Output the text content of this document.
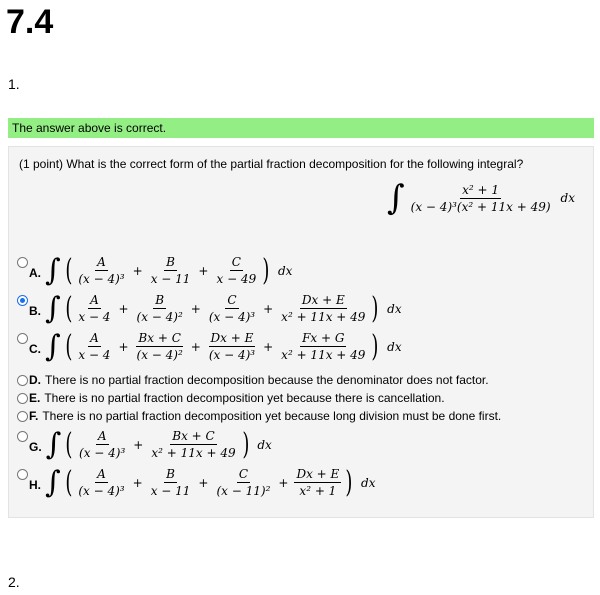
7.4
1.
The answer above is correct.
(1 point) What is the correct form of the partial fraction decomposition for the following integral?
∫ $\frac{\text{x² + 1}}{\text{(x − 4)³(x² + 11x + 49)}}$ dx
A. ∫ ( $\frac{A}{\text{(x − 4)³}} + \frac{B}{x - 11} + \frac{C}{x - 49}$ ) dx
B. ∫ ( $\frac{A}{x - 4} + \frac{B}{\text{(x − 4)²}} + \frac{C}{\text{(x − 4)³}} + \frac{Dx + E}{\text{x² + 11x + 49}}$ ) dx
C. ∫ ( $\frac{A}{x - 4} + \frac{Bx + C}{\text{(x − 4)²}} + \frac{Dx + E}{\text{(x − 4)³}} + \frac{Fx + G}{\text{x² + 11x + 49}}$ ) dx
D. There is no partial fraction decomposition because the denominator does not factor.
E. There is no partial fraction decomposition yet because there is cancellation.
F. There is no partial fraction decomposition yet because long division must be done first.
G. ∫ ( $\frac{A}{\text{(x − 4)³}} + \frac{Bx + C}{\text{x² + 11x + 49}}$ ) dx
H. ∫ ( $\frac{A}{\text{(x − 4)³}} + \frac{B}{x - 11} + \frac{C}{\text{(x − 11)²}} + \frac{Dx + E}{\text{x² + 1}}$ ) dx
2.
